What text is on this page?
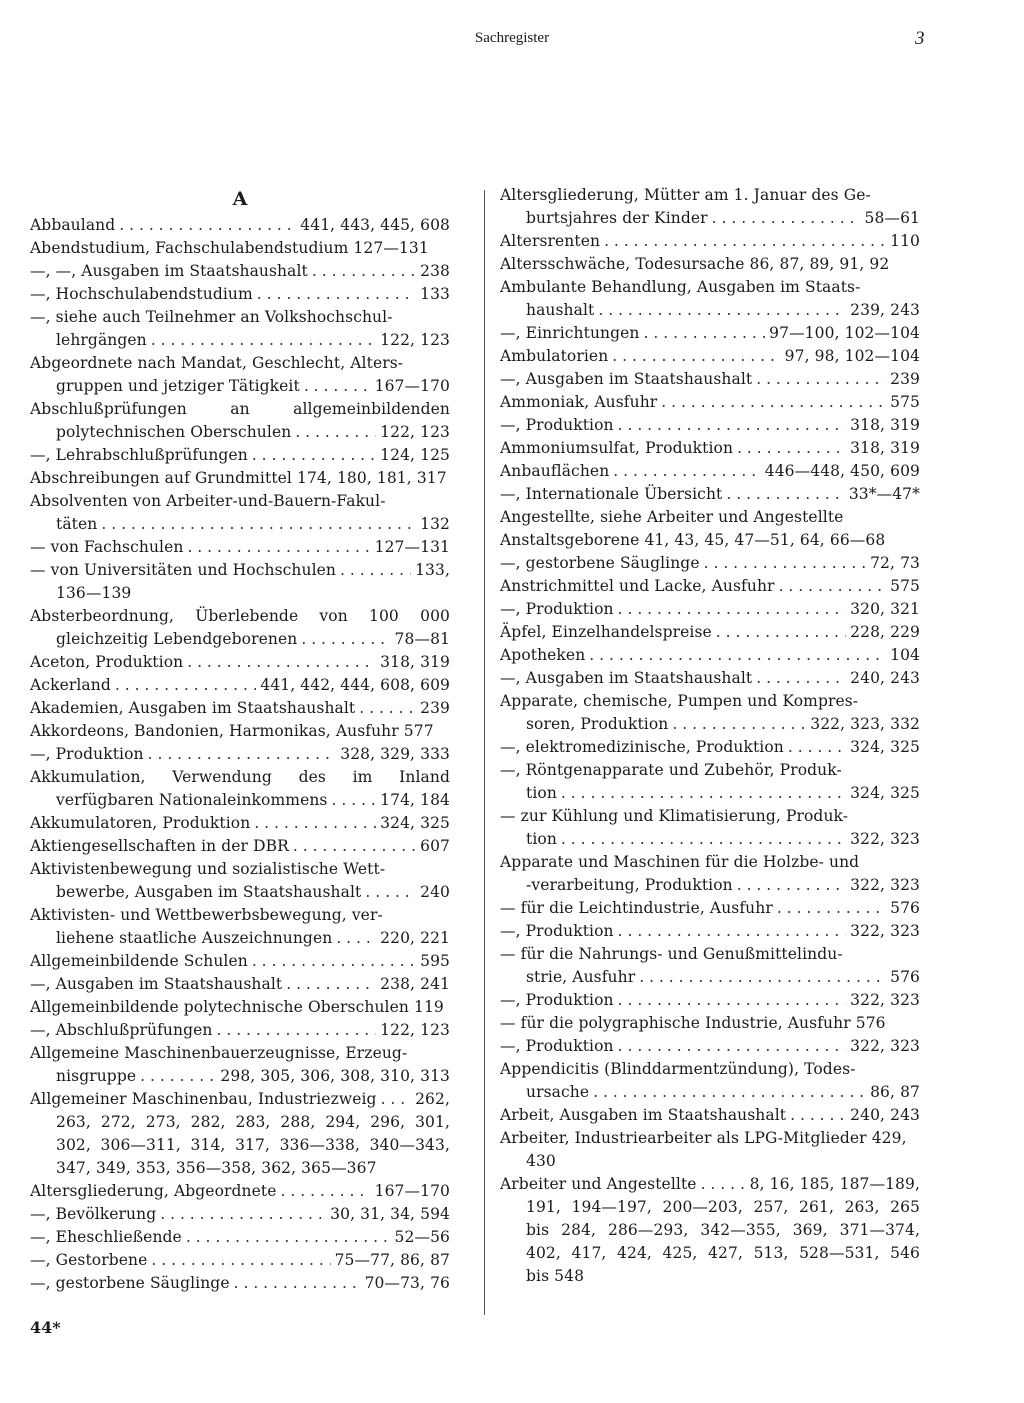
Sachregister	3
A
Abbauland . . .	441, 443, 445, 608
Abendstudium, Fachschulabendstudium 127—131
—, —, Ausgaben im Staatshaushalt . . .	238
—, Hochschulabendstudium . . .	133
—, siehe auch Teilnehmer an Volkshochschul-
lehrgängen . . .	122, 123
Abgeordnete nach Mandat, Geschlecht, Alters-
gruppen und jetziger Tätigkeit . . .	167—170
Abschlußprüfungen an allgemeinbildenden
polytechnischen Oberschulen . . .	122, 123
—, Lehrabschlußprüfungen . . .	124, 125
Abschreibungen auf Grundmittel 174, 180, 181, 317
Absolventen von Arbeiter-und-Bauern-Fakul-
täten . . .	132
— von Fachschulen . . .	127—131
— von Universitäten und Hochschulen . . .	133,
136—139
Absterbeordnung, Überlebende von 100 000
gleichzeitig Lebendgeborenen . . .	78—81
Aceton, Produktion . . .	318, 319
Ackerland . . .	441, 442, 444, 608, 609
Akademien, Ausgaben im Staatshaushalt . . .	239
Akkordeons, Bandonien, Harmonikas, Ausfuhr 577
—, Produktion . . .	328, 329, 333
Akkumulation, Verwendung des im Inland
verfügbaren Nationaleinkommens . . .	174, 184
Akkumulatoren, Produktion . . .	324, 325
Aktiengesellschaften in der DBR . . .	607
Aktivistenbewegung und sozialistische Wett-
bewerbe, Ausgaben im Staatshaushalt . . .	240
Aktivisten- und Wettbewerbsbewegung, ver-
liehene staatliche Auszeichnungen . . .	220, 221
Allgemeinbildende Schulen . . .	595
—, Ausgaben im Staatshaushalt . . .	238, 241
Allgemeinbildende polytechnische Oberschulen 119
—, Abschlußprüfungen . . .	122, 123
Allgemeine Maschinenbauerzeugnisse, Erzeug-
nisgruppe . . .	298, 305, 306, 308, 310, 313
Allgemeiner Maschinenbau, Industriezweig . . . 262,
263, 272, 273, 282, 283, 288, 294, 296, 301,
302, 306—311, 314, 317, 336—338, 340—343,
347, 349, 353, 356—358, 362, 365—367
Altersgliederung, Abgeordnete . . .	167—170
—, Bevölkerung . . .	30, 31, 34, 594
—, Eheschließende . . .	52—56
—, Gestorbene . . .	75—77, 86, 87
—, gestorbene Säuglinge . . .	70—73, 76
Altersgliederung, Mütter am 1. Januar des Ge-
burtsjahres der Kinder . . .	58—61
Altersrenten . . .	110
Altersschwäche, Todesursache 86, 87, 89, 91, 92
Ambulante Behandlung, Ausgaben im Staats-
haushalt . . .	239, 243
—, Einrichtungen . . .	97—100, 102—104
Ambulatorien . . .	97, 98, 102—104
—, Ausgaben im Staatshaushalt . . .	239
Ammoniak, Ausfuhr . . .	575
—, Produktion . . .	318, 319
Ammoniumsulfat, Produktion . . .	318, 319
Anbauflächen . . .	446—448, 450, 609
—, Internationale Übersicht . . .	33*—47*
Angestellte, siehe Arbeiter und Angestellte
Anstaltsgeborene 41, 43, 45, 47—51, 64, 66—68
—, gestorbene Säuglinge . . .	72, 73
Anstrichmittel und Lacke, Ausfuhr . . .	575
—, Produktion . . .	320, 321
Äpfel, Einzelhandelspreise . . .	228, 229
Apotheken . . .	104
—, Ausgaben im Staatshaushalt . . .	240, 243
Apparate, chemische, Pumpen und Kompres-
soren, Produktion . . .	322, 323, 332
—, elektromedizinische, Produktion . . .	324, 325
—, Röntgenapparate und Zubehör, Produk-
tion . . .	324, 325
— zur Kühlung und Klimatisierung, Produk-
tion . . .	322, 323
Apparate und Maschinen für die Holzbe- und
-verarbeitung, Produktion . . .	322, 323
— für die Leichtindustrie, Ausfuhr . . .	576
—, Produktion . . .	322, 323
— für die Nahrungs- und Genußmittelindu-
strie, Ausfuhr . . .	576
—, Produktion . . .	322, 323
— für die polygraphische Industrie, Ausfuhr 576
—, Produktion . . .	322, 323
Appendicitis (Blinddarmentzündung), Todes-
ursache . . .	86, 87
Arbeit, Ausgaben im Staatshaushalt . . .	240, 243
Arbeiter, Industriearbeiter als LPG-Mitglieder 429,
430
Arbeiter und Angestellte . . .	8, 16, 185, 187—189,
191, 194—197, 200—203, 257, 261, 263, 265
bis 284, 286—293, 342—355, 369, 371—374,
402, 417, 424, 425, 427, 513, 528—531, 546
bis 548
44*
